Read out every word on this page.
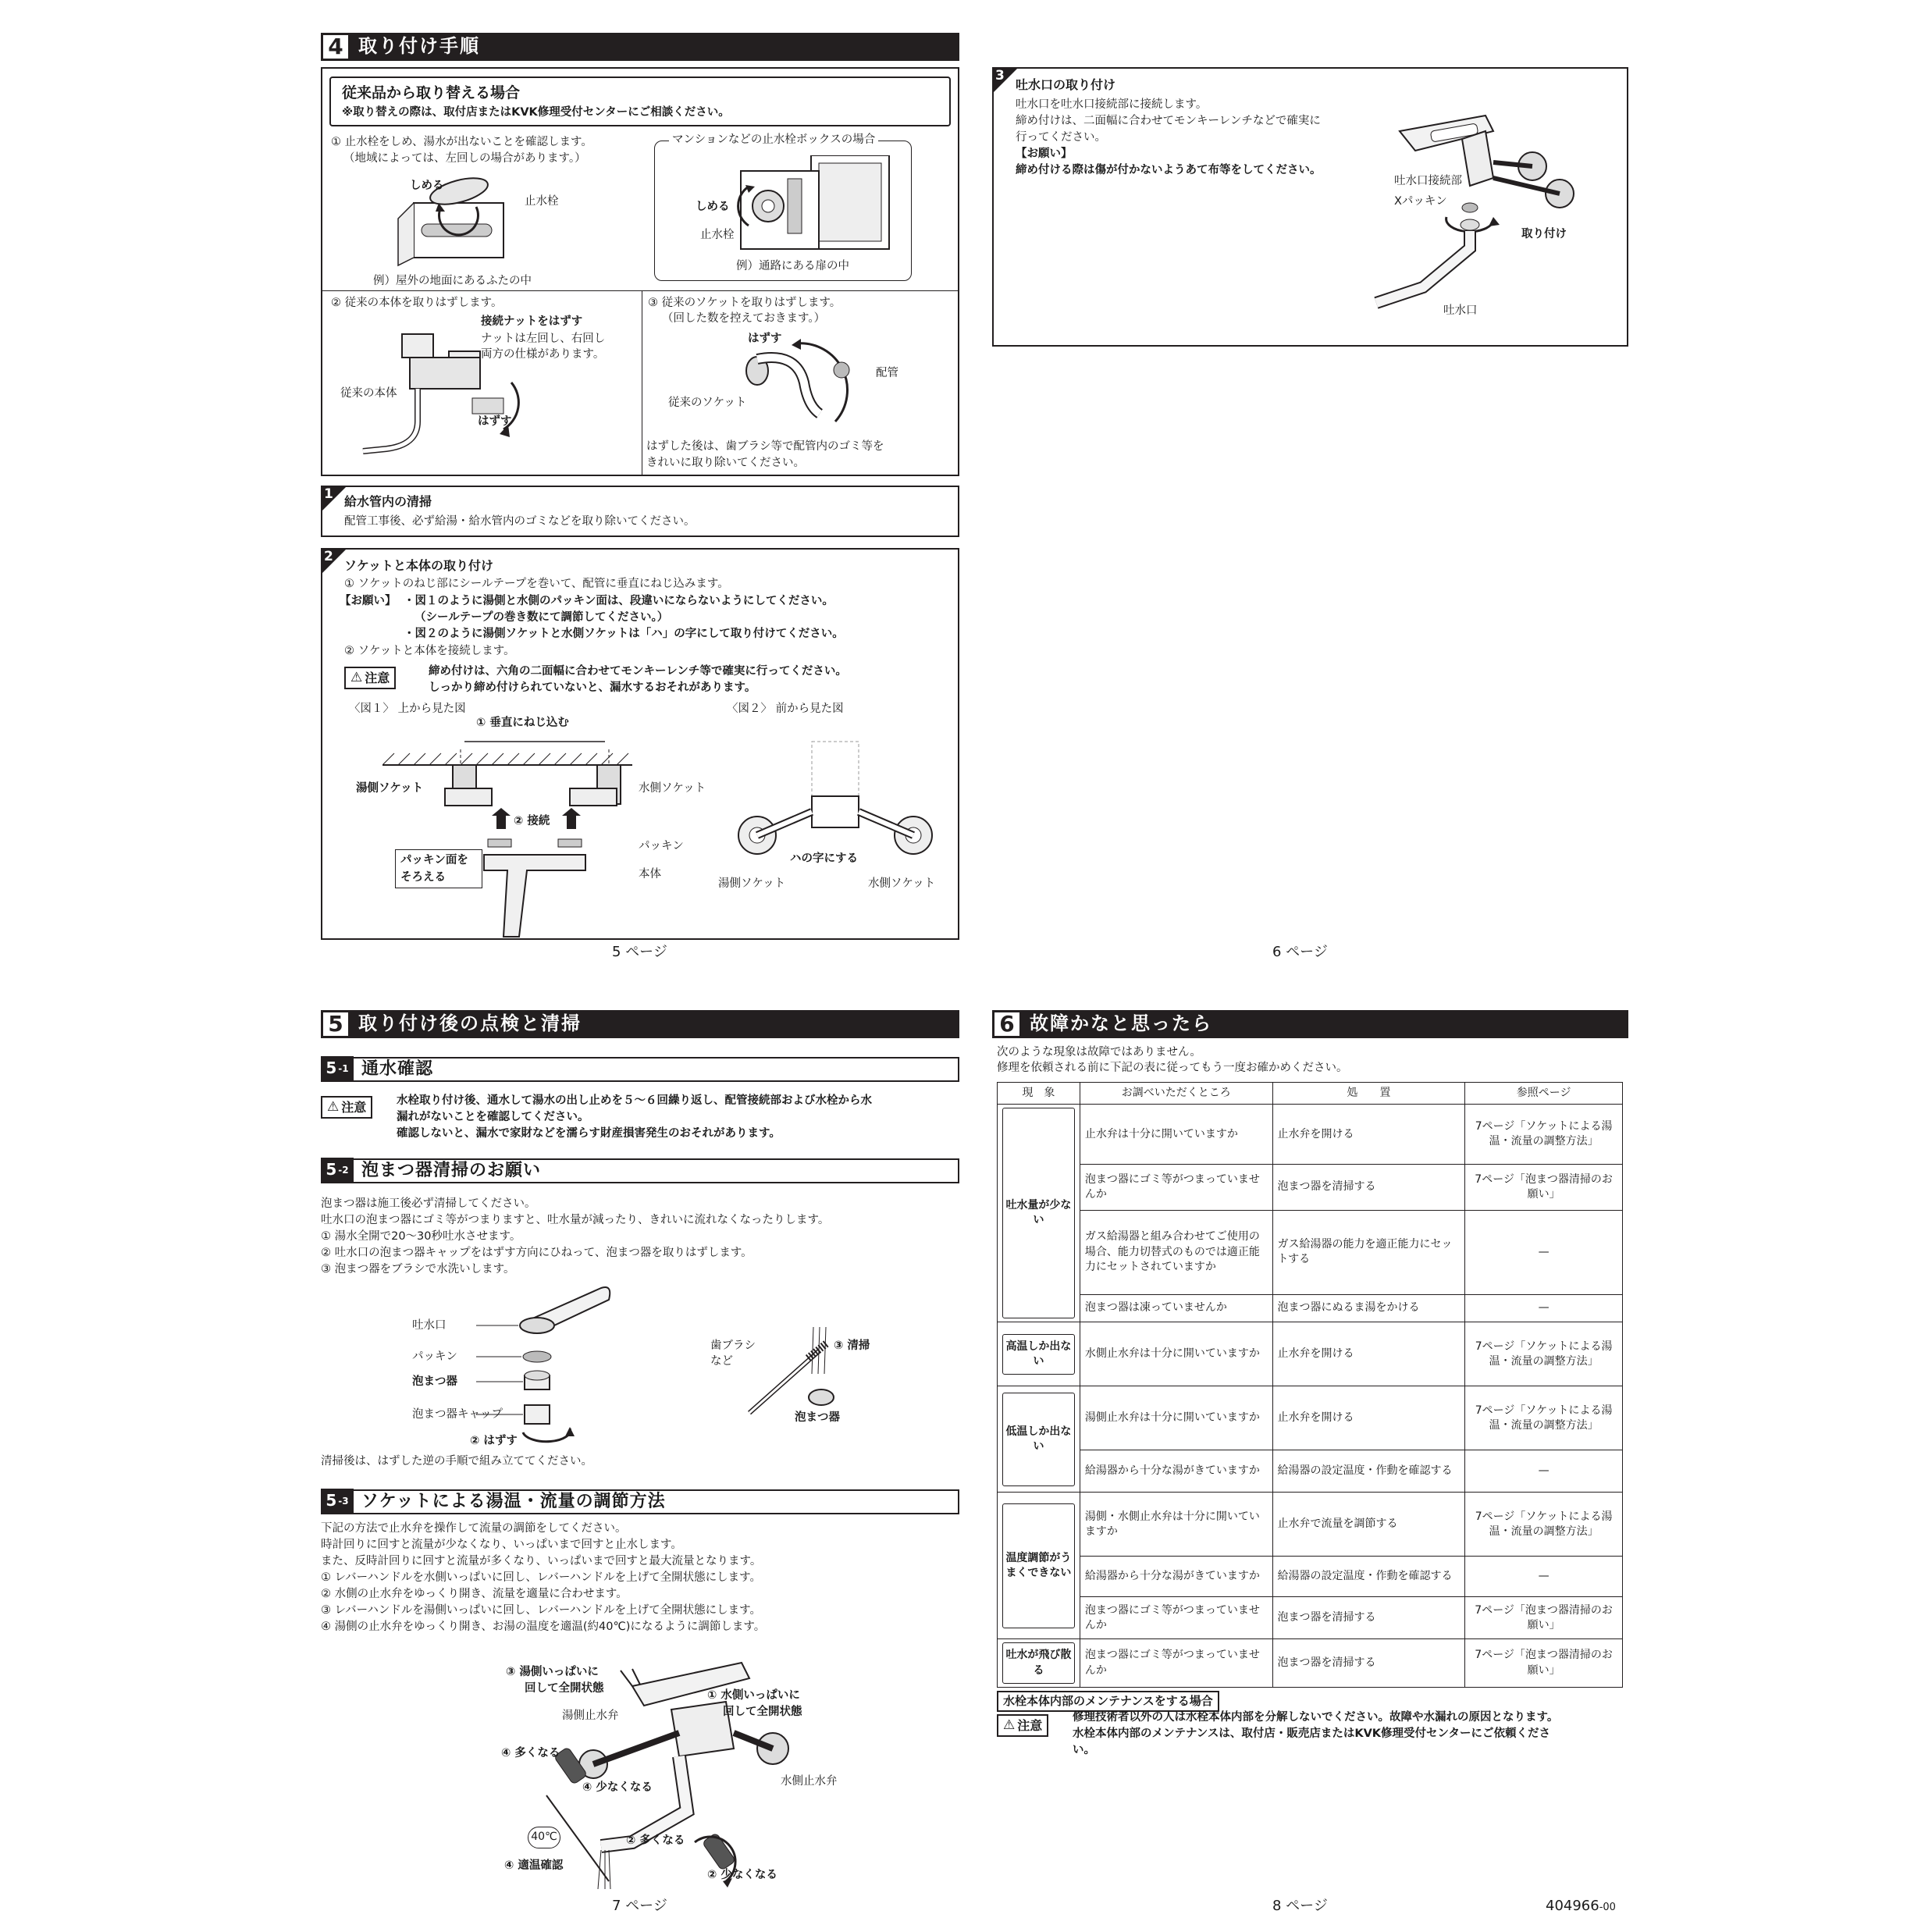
4 取り付け手順
従来品から取り替える場合
※取り替えの際は、取付店またはKVK修理受付センターにご相談ください。
① 止水栓をしめ、湯水が出ないことを確認します。
（地域によっては、左回しの場合があります。）
しめる
止水栓
例）屋外の地面にあるふたの中
マンションなどの止水栓ボックスの場合
しめる
止水栓
例）通路にある扉の中
② 従来の本体を取りはずします。
接続ナットをはずす
ナットは左回し、右回し
両方の仕様があります。
従来の本体
はずす
③ 従来のソケットを取りはずします。
（回した数を控えておきます。）
はずす
配管
従来のソケット
はずした後は、歯ブラシ等で配管内のゴミ等を
きれいに取り除いてください。
1 給水管内の清掃
配管工事後、必ず給湯・給水管内のゴミなどを取り除いてください。
2
ソケットと本体の取り付け
① ソケットのねじ部にシールテープを巻いて、配管に垂直にねじ込みます。
【お願い】 ・図１のように湯側と水側のパッキン面は、段違いにならないようにしてください。
（シールテープの巻き数にて調節してください。）
・図２のように湯側ソケットと水側ソケットは「ハ」の字にして取り付けてください。
② ソケットと本体を接続します。
⚠ 注意	締め付けは、六角の二面幅に合わせてモンキーレンチ等で確実に行ってください。
しっかり締め付けられていないと、漏水するおそれがあります。
〈図１〉 上から見た図	〈図２〉 前から見た図
① 垂直にねじ込む
湯側ソケット	水側ソケット
② 接続
パッキン
パッキン面を
そろえる	本体
ハの字にする
湯側ソケット	水側ソケット
5 ページ
3
吐水口の取り付け
吐水口を吐水口接続部に接続します。
締め付けは、二面幅に合わせてモンキーレンチなどで確実に
行ってください。
【お願い】
締め付ける際は傷が付かないようあて布等をしてください。
吐水口接続部
Xパッキン
取り付け
吐水口
6 ページ
5 取り付け後の点検と清掃
5 -1 通水確認
⚠ 注意	水栓取り付け後、通水して湯水の出し止めを５～６回繰り返し、配管接続部および水栓から水
漏れがないことを確認してください。
確認しないと、漏水で家財などを濡らす財産損害発生のおそれがあります。
5 -2 泡まつ器清掃のお願い
泡まつ器は施工後必ず清掃してください。
吐水口の泡まつ器にゴミ等がつまりますと、吐水量が減ったり、きれいに流れなくなったりします。
① 湯水全開で20～30秒吐水させます。
② 吐水口の泡まつ器キャップをはずす方向にひねって、泡まつ器を取りはずします。
③ 泡まつ器をブラシで水洗いします。
吐水口
パッキン
泡まつ器
泡まつ器キャップ
② はずす
歯ブラシ
など
③ 清掃
泡まつ器
清掃後は、はずした逆の手順で組み立ててください。
5 -3 ソケットによる湯温・流量の調節方法
下記の方法で止水弁を操作して流量の調節をしてください。
時計回りに回すと流量が少なくなり、いっぱいまで回すと止水します。
また、反時計回りに回すと流量が多くなり、いっぱいまで回すと最大流量となります。
① レバーハンドルを水側いっぱいに回し、レバーハンドルを上げて全開状態にします。
② 水側の止水弁をゆっくり開き、流量を適量に合わせます。
③ レバーハンドルを湯側いっぱいに回し、レバーハンドルを上げて全開状態にします。
④ 湯側の止水弁をゆっくり開き、お湯の温度を適温(約40℃)になるように調節します。
③ 湯側いっぱいに
回して全開状態
① 水側いっぱいに
回して全開状態
湯側止水弁
④ 多くなる
④ 少なくなる	水側止水弁
40℃	② 多くなる
④ 適温確認
② 少なくなる
7 ページ
6 故障かなと思ったら
次のような現象は故障ではありません。
修理を依頼される前に下記の表に従ってもう一度お確かめください。
現　象	お調べいただくところ	処　　置	参照ページ

吐水量が少ない	止水弁は十分に開いていますか	止水弁を開ける	7ページ「ソケットによる湯温・流量の調整方法」
	泡まつ器にゴミ等がつまっていませんか	泡まつ器を清掃する	7ページ「泡まつ器清掃のお願い」
	ガス給湯器と組み合わせてご使用の場合、能力切替式のものでは適正能力にセットされていますか	ガス給湯器の能力を適正能力にセットする	—
	泡まつ器は凍っていませんか	泡まつ器にぬるま湯をかける	—

高温しか出ない	水側止水弁は十分に開いていますか	止水弁を開ける	7ページ「ソケットによる湯温・流量の調整方法」

低温しか出ない	湯側止水弁は十分に開いていますか	止水弁を開ける	7ページ「ソケットによる湯温・流量の調整方法」
	給湯器から十分な湯がきていますか	給湯器の設定温度・作動を確認する	—

温度調節がうまくできない	湯側・水側止水弁は十分に開いていますか	止水弁で流量を調節する	7ページ「ソケットによる湯温・流量の調整方法」
	給湯器から十分な湯がきていますか	給湯器の設定温度・作動を確認する	—
	泡まつ器にゴミ等がつまっていませんか	泡まつ器を清掃する	7ページ「泡まつ器清掃のお願い」

吐水が飛び散る	泡まつ器にゴミ等がつまっていませんか	泡まつ器を清掃する	7ページ「泡まつ器清掃のお願い」
水栓本体内部のメンテナンスをする場合
⚠ 注意
修理技術者以外の人は水栓本体内部を分解しないでください。故障や水漏れの原因となります。
水栓本体内部のメンテナンスは、取付店・販売店またはKVK修理受付センターにご依頼くださ
い。
8 ページ	404966-00
